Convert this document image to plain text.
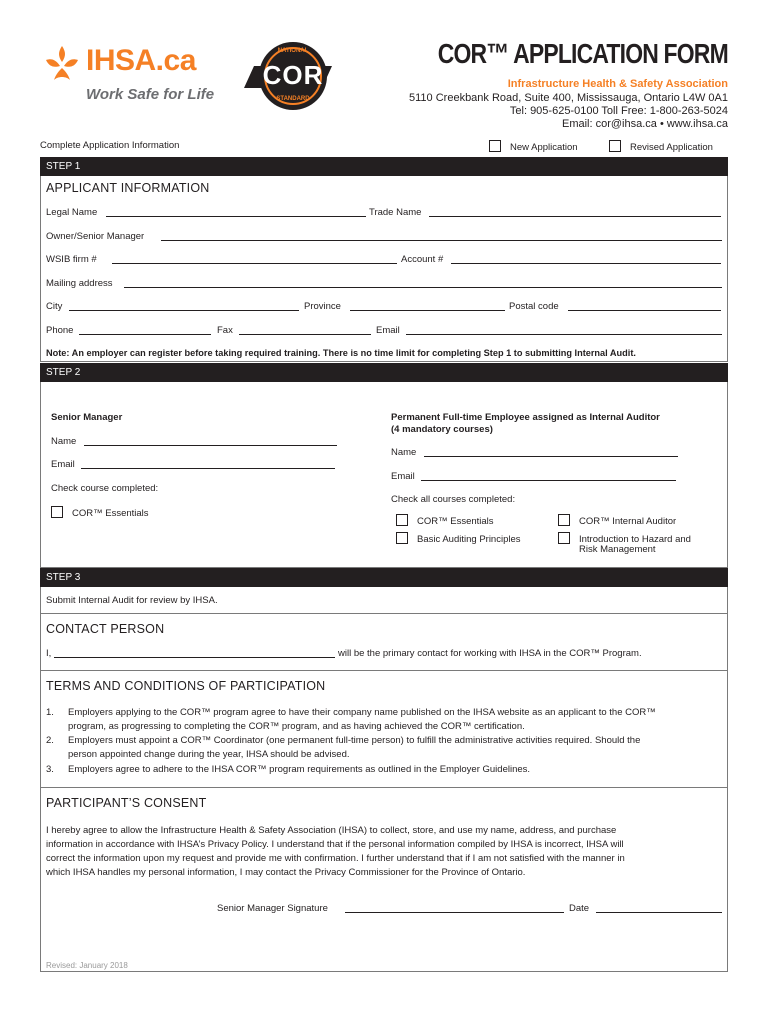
IHSA.ca
Work Safe for Life
NATIONAL
COR
STANDARD
COR™ APPLICATION FORM
Infrastructure Health & Safety Association
5110 Creekbank Road, Suite 400, Mississauga, Ontario L4W 0A1
Tel: 905-625-0100 Toll Free: 1-800-263-5024
Email: cor@ihsa.ca • www.ihsa.ca
Complete Application Information	New Application	Revised Application
STEP 1
APPLICANT INFORMATION
Legal Name	Trade Name
Owner/Senior Manager
WSIB firm #	Account #
Mailing address
City	Province	Postal code
Phone	Fax	Email
Note: An employer can register before taking required training. There is no time limit for completing Step 1 to submitting Internal Audit.
STEP 2
Senior Manager
Name
Email
Check course completed:
COR™ Essentials
Permanent Full-time Employee assigned as Internal Auditor
(4 mandatory courses)
Name
Email
Check all courses completed:
COR™ Essentials	COR™ Internal Auditor
Basic Auditing Principles	Introduction to Hazard and
Risk Management
STEP 3
Submit Internal Audit for review by IHSA.
CONTACT PERSON
I,	will be the primary contact for working with IHSA in the COR™ Program.
TERMS AND CONDITIONS OF PARTICIPATION
1. Employers applying to the COR™ program agree to have their company name published on the IHSA website as an applicant to the COR™
program, as progressing to completing the COR™ program, and as having achieved the COR™ certification.
2. Employers must appoint a COR™ Coordinator (one permanent full-time person) to fulfill the administrative activities required. Should the
person appointed change during the year, IHSA should be advised.
3. Employers agree to adhere to the IHSA COR™ program requirements as outlined in the Employer Guidelines.
PARTICIPANT’S CONSENT
I hereby agree to allow the Infrastructure Health & Safety Association (IHSA) to collect, store, and use my name, address, and purchase
information in accordance with IHSA’s Privacy Policy. I understand that if the personal information compiled by IHSA is incorrect, IHSA will
correct the information upon my request and provide me with confirmation. I further understand that if I am not satisfied with the manner in
which IHSA handles my personal information, I may contact the Privacy Commissioner for the Province of Ontario.
Senior Manager Signature	Date
Revised: January 2018
